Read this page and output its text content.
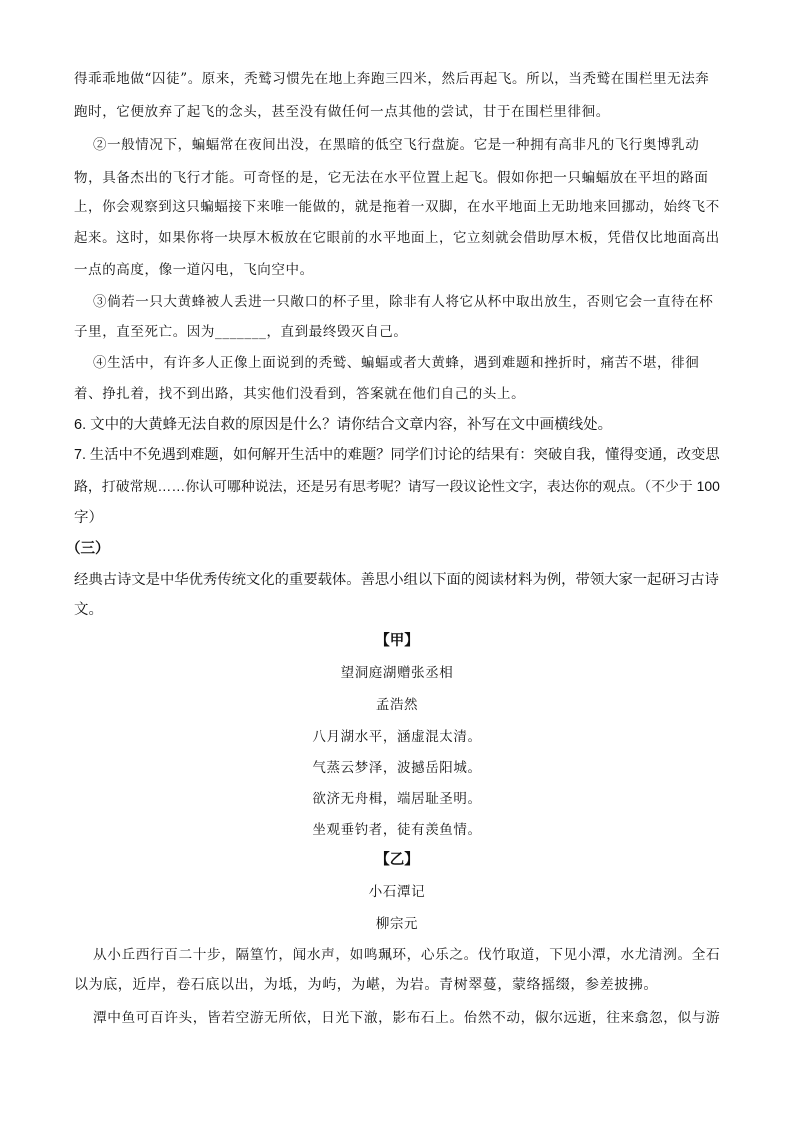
得乖乖地做“囚徒”。原来，秃鹫习惯先在地上奔跑三四米，然后再起飞。所以，当秃鹫在围栏里无法奔
跑时，它便放弃了起飞的念头，甚至没有做任何一点其他的尝试，甘于在围栏里徘徊。
②一般情况下，蝙蝠常在夜间出没，在黑暗的低空飞行盘旋。它是一种拥有高非凡的飞行奥博乳动
物，具备杰出的飞行才能。可奇怪的是，它无法在水平位置上起飞。假如你把一只蝙蝠放在平坦的路面
上，你会观察到这只蝙蝠接下来唯一能做的，就是拖着一双脚，在水平地面上无助地来回挪动，始终飞不
起来。这时，如果你将一块厚木板放在它眼前的水平地面上，它立刻就会借助厚木板，凭借仅比地面高出
一点的高度，像一道闪电，飞向空中。
③倘若一只大黄蜂被人丢进一只敞口的杯子里，除非有人将它从杯中取出放生，否则它会一直待在杯
子里，直至死亡。因为_______，直到最终毁灭自己。
④生活中，有许多人正像上面说到的秃鹫、蝙蝠或者大黄蜂，遇到难题和挫折时，痛苦不堪，徘徊
着、挣扎着，找不到出路，其实他们没看到，答案就在他们自己的头上。
6. 文中的大黄蜂无法自救的原因是什么？请你结合文章内容，补写在文中画横线处。
7. 生活中不免遇到难题，如何解开生活中的难题？同学们讨论的结果有：突破自我，懂得变通，改变思
路，打破常规……你认可哪种说法，还是另有思考呢？请写一段议论性文字，表达你的观点。（不少于 100
字）
（三）
经典古诗文是中华优秀传统文化的重要载体。善思小组以下面的阅读材料为例，带领大家一起研习古诗
文。
【甲】
望洞庭湖赠张丞相
孟浩然
八月湖水平，涵虚混太清。
气蒸云梦泽，波撼岳阳城。
欲济无舟楫，端居耻圣明。
坐观垂钓者，徒有羡鱼情。
【乙】
小石潭记
柳宗元
从小丘西行百二十步，隔篁竹，闻水声，如鸣珮环，心乐之。伐竹取道，下见小潭，水尤清洌。全石
以为底，近岸，卷石底以出，为坻，为屿，为嵁，为岩。青树翠蔓，蒙络摇缀，参差披拂。
潭中鱼可百许头，皆若空游无所依，日光下澈，影布石上。佁然不动，俶尔远逝，往来翕忽，似与游
